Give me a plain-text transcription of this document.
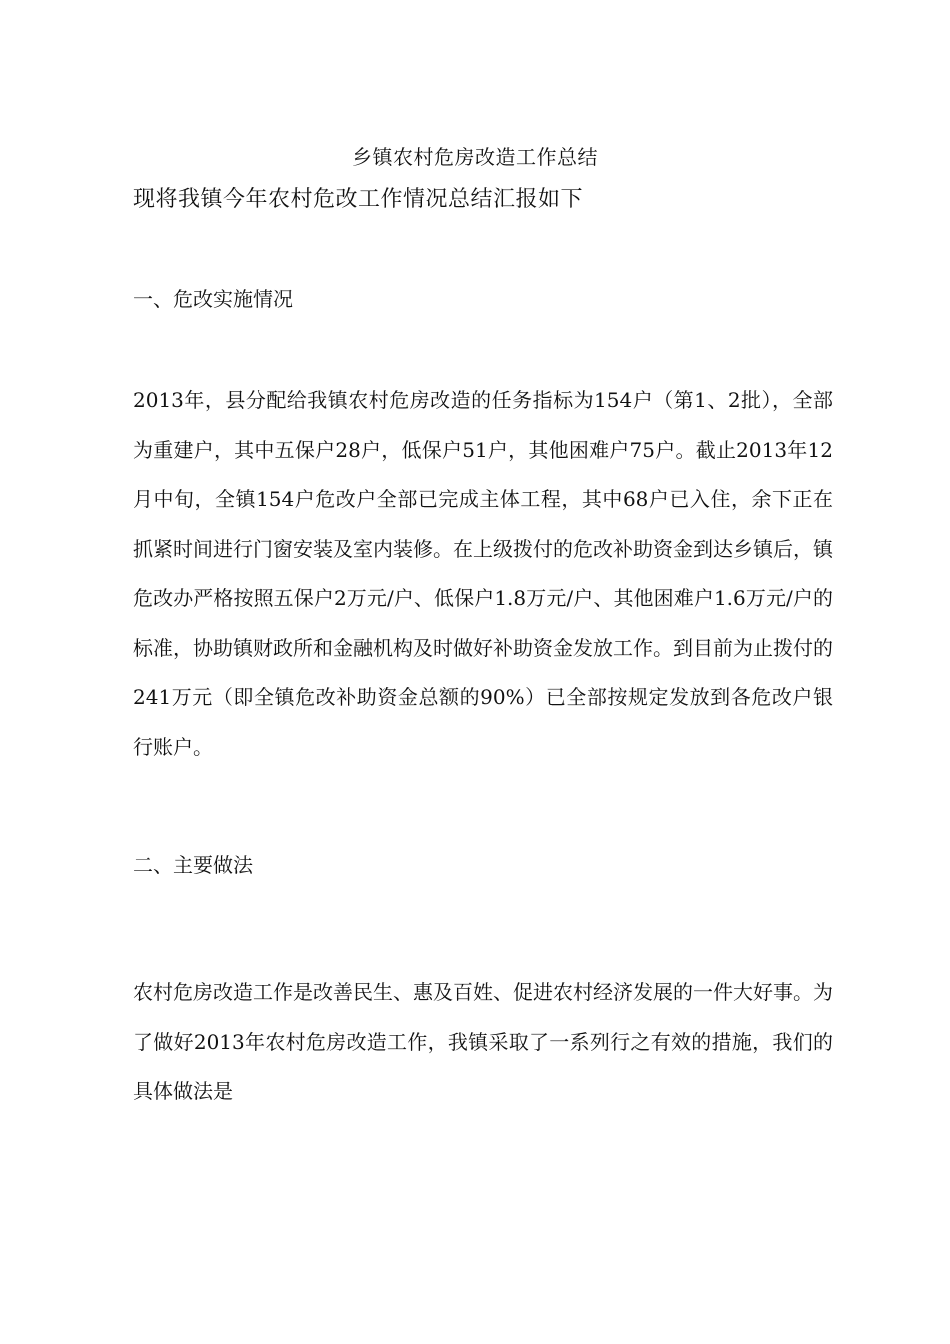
乡镇农村危房改造工作总结
现将我镇今年农村危改工作情况总结汇报如下
一、危改实施情况
2013年，县分配给我镇农村危房改造的任务指标为154户（第1、2批），全部为重建户，其中五保户28户，低保户51户，其他困难户75户。截止2013年12月中旬，全镇154户危改户全部已完成主体工程，其中68户已入住，余下正在抓紧时间进行门窗安装及室内装修。在上级拨付的危改补助资金到达乡镇后，镇危改办严格按照五保户2万元/户、低保户1.8万元/户、其他困难户1.6万元/户的标准，协助镇财政所和金融机构及时做好补助资金发放工作。到目前为止拨付的241万元（即全镇危改补助资金总额的90%）已全部按规定发放到各危改户银行账户。
二、主要做法
农村危房改造工作是改善民生、惠及百姓、促进农村经济发展的一件大好事。为了做好2013年农村危房改造工作，我镇采取了一系列行之有效的措施，我们的具体做法是
